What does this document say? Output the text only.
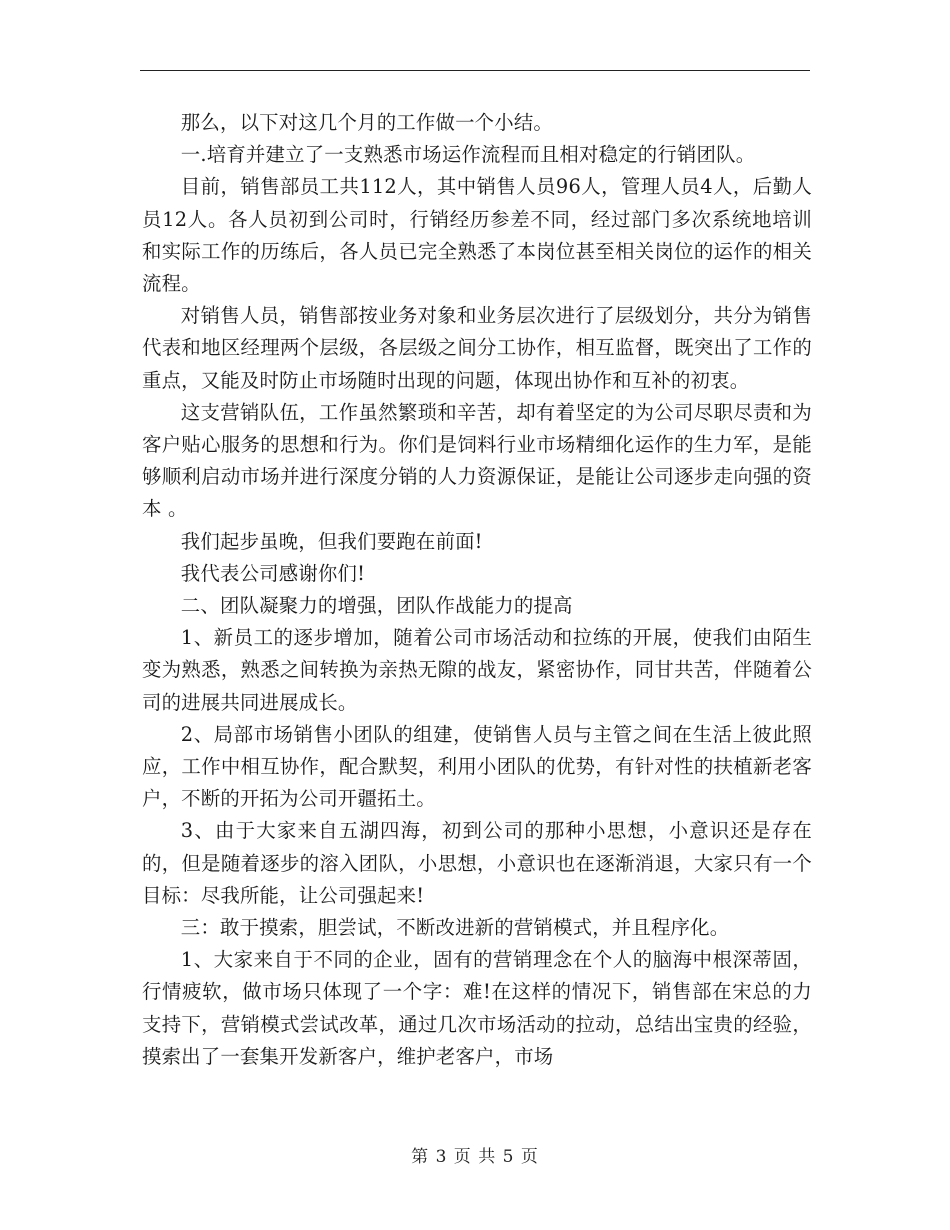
那么，以下对这几个月的工作做一个小结。

一.培育并建立了一支熟悉市场运作流程而且相对稳定的行销团队。

目前，销售部员工共112人，其中销售人员96人，管理人员4人，后勤人员12人。各人员初到公司时，行销经历参差不同，经过部门多次系统地培训和实际工作的历练后，各人员已完全熟悉了本岗位甚至相关岗位的运作的相关流程。

对销售人员，销售部按业务对象和业务层次进行了层级划分，共分为销售代表和地区经理两个层级，各层级之间分工协作，相互监督，既突出了工作的重点，又能及时防止市场随时出现的问题，体现出协作和互补的初衷。

这支营销队伍，工作虽然繁琐和辛苦，却有着坚定的为公司尽职尽责和为客户贴心服务的思想和行为。你们是饲料行业市场精细化运作的生力军，是能够顺利启动市场并进行深度分销的人力资源保证，是能让公司逐步走向强的资本 。

我们起步虽晚，但我们要跑在前面!

我代表公司感谢你们!

二、团队凝聚力的增强，团队作战能力的提高

1、新员工的逐步增加，随着公司市场活动和拉练的开展，使我们由陌生变为熟悉，熟悉之间转换为亲热无隙的战友，紧密协作，同甘共苦，伴随着公司的进展共同进展成长。

2、局部市场销售小团队的组建，使销售人员与主管之间在生活上彼此照应，工作中相互协作，配合默契，利用小团队的优势，有针对性的扶植新老客户，不断的开拓为公司开疆拓土。

3、由于大家来自五湖四海，初到公司的那种小思想，小意识还是存在的，但是随着逐步的溶入团队，小思想，小意识也在逐渐消退，大家只有一个目标：尽我所能，让公司强起来!

三：敢于摸索，胆尝试，不断改进新的营销模式，并且程序化。

1、大家来自于不同的企业，固有的营销理念在个人的脑海中根深蒂固，行情疲软，做市场只体现了一个字：难!在这样的情况下，销售部在宋总的力支持下，营销模式尝试改革，通过几次市场活动的拉动，总结出宝贵的经验，摸索出了一套集开发新客户，维护老客户，市场

第 3 页 共 5 页
